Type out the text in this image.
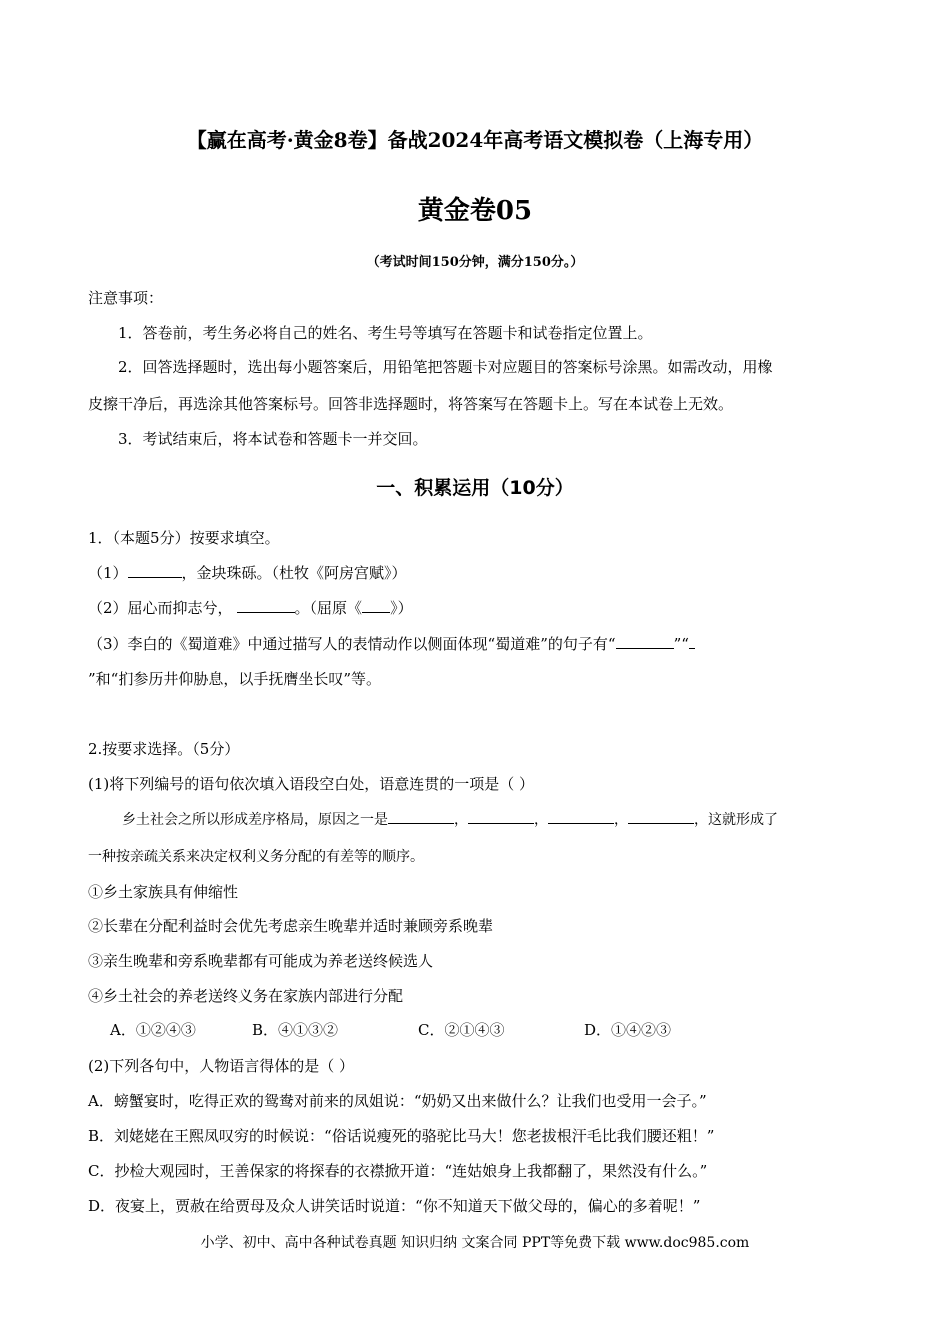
【赢在高考·黄金8卷】备战2024年高考语文模拟卷（上海专用）
黄金卷05
（考试时间150分钟，满分150分。）
注意事项：
1．答卷前，考生务必将自己的姓名、考生号等填写在答题卡和试卷指定位置上。
2．回答选择题时，选出每小题答案后，用铅笔把答题卡对应题目的答案标号涂黑。如需改动，用橡
皮擦干净后，再选涂其他答案标号。回答非选择题时，将答案写在答题卡上。写在本试卷上无效。
3．考试结束后，将本试卷和答题卡一并交回。
一、积累运用（10分）
1．（本题5分）按要求填空。
（1）	，金块珠砾。（杜牧《阿房宫赋》）
（2）屈心而抑志兮，	。（屈原《 》）
（3）李白的《蜀道难》中通过描写人的表情动作以侧面体现“蜀道难”的句子有“	”“
”和“扪参历井仰胁息，以手抚膺坐长叹”等。
2.按要求选择。（5分）
(1)将下列编号的语句依次填入语段空白处，语意连贯的一项是（ ）
乡土社会之所以形成差序格局，原因之一是	，	，	，	，这就形成了
一种按亲疏关系来决定权利义务分配的有差等的顺序。
①乡土家族具有伸缩性
②长辈在分配利益时会优先考虑亲生晚辈并适时兼顾旁系晚辈
③亲生晚辈和旁系晚辈都有可能成为养老送终候选人
④乡土社会的养老送终义务在家族内部进行分配
A．①②④③	B．④①③②	C．②①④③	D．①④②③
(2)下列各句中，人物语言得体的是（ ）
A．螃蟹宴时，吃得正欢的鸳鸯对前来的凤姐说：“奶奶又出来做什么？让我们也受用一会子。”
B．刘姥姥在王熙凤叹穷的时候说：“俗话说瘦死的骆驼比马大！您老拔根汗毛比我们腰还粗！”
C．抄检大观园时，王善保家的将探春的衣襟掀开道：“连姑娘身上我都翻了，果然没有什么。”
D．夜宴上，贾赦在给贾母及众人讲笑话时说道：“你不知道天下做父母的，偏心的多着呢！”
小学、初中、高中各种试卷真题 知识归纳 文案合同 PPT等免费下载 www.doc985.com
